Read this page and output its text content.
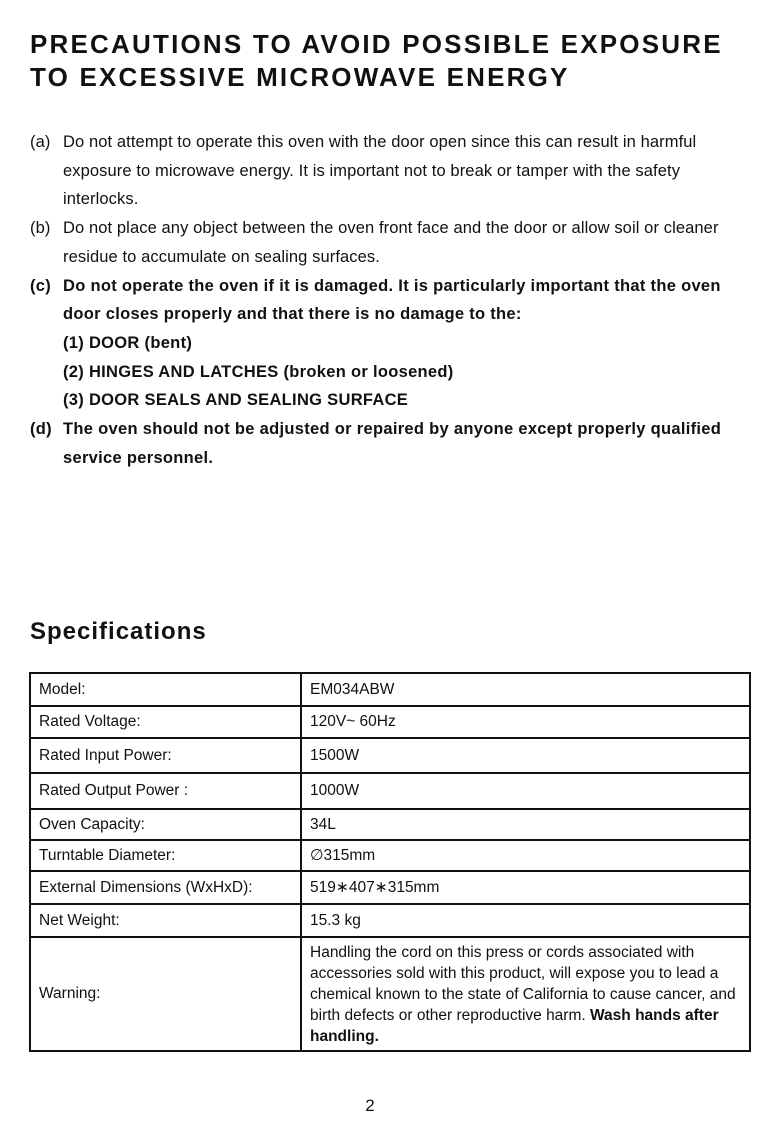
PRECAUTIONS TO AVOID POSSIBLE EXPOSURE
TO EXCESSIVE MICROWAVE ENERGY
(a) Do not attempt to operate this oven with the door open since this can result in harmful exposure to microwave energy. It is important not to break or tamper with the safety interlocks.
(b) Do not place any object between the oven front face and the door or allow soil or cleaner residue to accumulate on sealing surfaces.
(c) Do not operate the oven if it is damaged. It is particularly important that the oven door closes properly and that there is no damage to the:
(1) DOOR (bent)
(2) HINGES AND LATCHES (broken or loosened)
(3) DOOR SEALS AND SEALING SURFACE
(d) The oven should not be adjusted or repaired by anyone except properly qualified service personnel.
Specifications
Model:	EM034ABW
Rated Voltage:	120V~ 60Hz
Rated Input Power:	1500W
Rated Output Power :	1000W
Oven Capacity:	34L
Turntable Diameter:	∅315mm
External Dimensions (WxHxD):	519∗407∗315mm
Net Weight:	15.3 kg
Warning:	Handling the cord on this press or cords associated with accessories sold with this product, will expose you to lead a chemical known to the state of California to cause cancer, and birth defects or other reproductive harm. Wash hands after handling.
2
